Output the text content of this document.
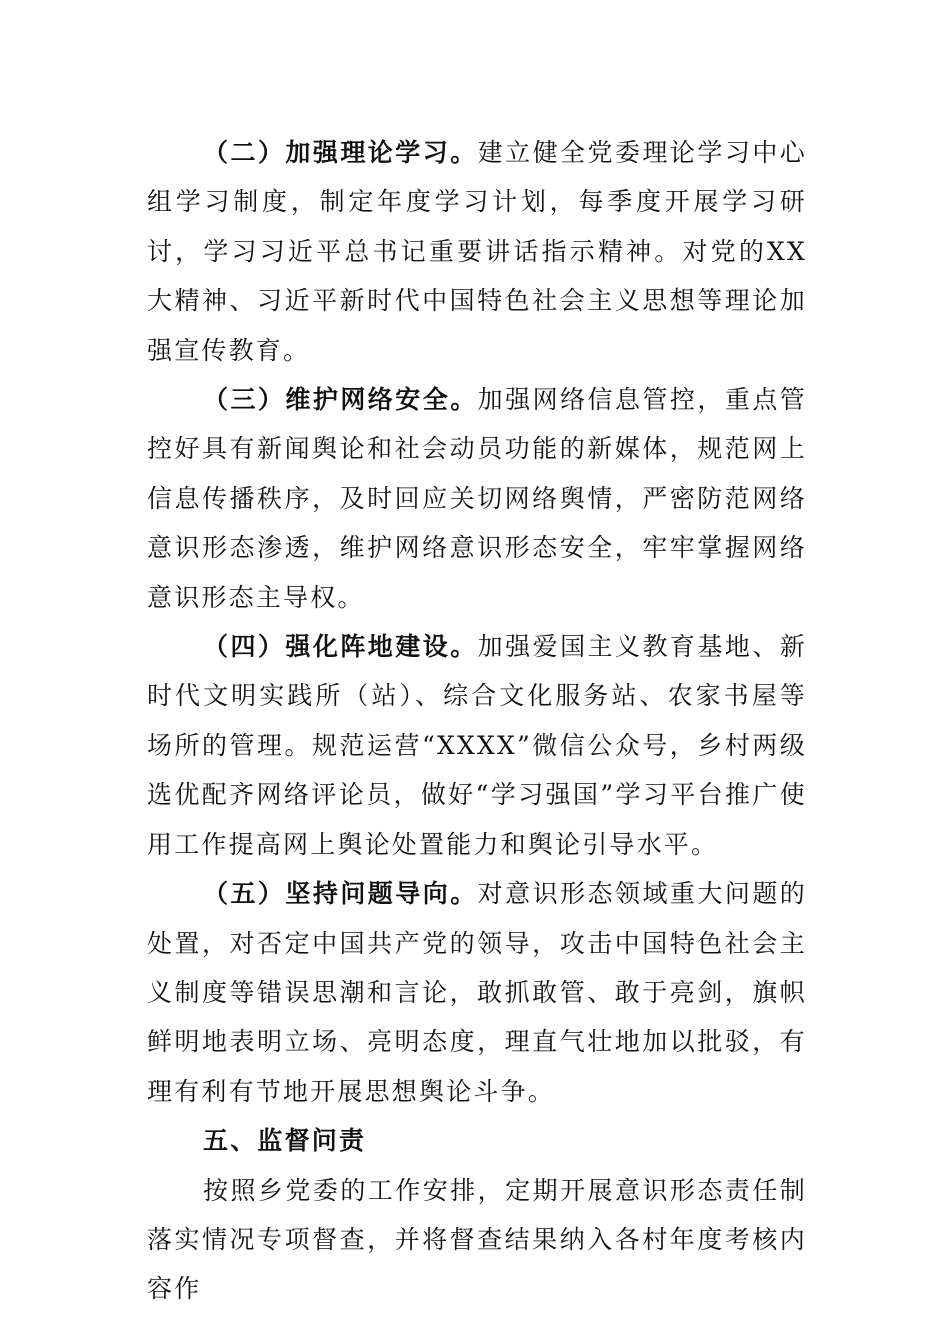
（二）加强理论学习。建立健全党委理论学习中心组学习制度，制定年度学习计划，每季度开展学习研讨，学习习近平总书记重要讲话指示精神。对党的XX大精神、习近平新时代中国特色社会主义思想等理论加强宣传教育。

（三）维护网络安全。加强网络信息管控，重点管控好具有新闻舆论和社会动员功能的新媒体，规范网上信息传播秩序，及时回应关切网络舆情，严密防范网络意识形态渗透，维护网络意识形态安全，牢牢掌握网络意识形态主导权。

（四）强化阵地建设。加强爱国主义教育基地、新时代文明实践所（站）、综合文化服务站、农家书屋等场所的管理。规范运营“XXXX”微信公众号，乡村两级选优配齐网络评论员，做好“学习强国”学习平台推广使用工作提高网上舆论处置能力和舆论引导水平。

（五）坚持问题导向。对意识形态领域重大问题的处置，对否定中国共产党的领导，攻击中国特色社会主义制度等错误思潮和言论，敢抓敢管、敢于亮剑，旗帜鲜明地表明立场、亮明态度，理直气壮地加以批驳，有理有利有节地开展思想舆论斗争。

五、监督问责

按照乡党委的工作安排，定期开展意识形态责任制落实情况专项督查，并将督查结果纳入各村年度考核内容作
